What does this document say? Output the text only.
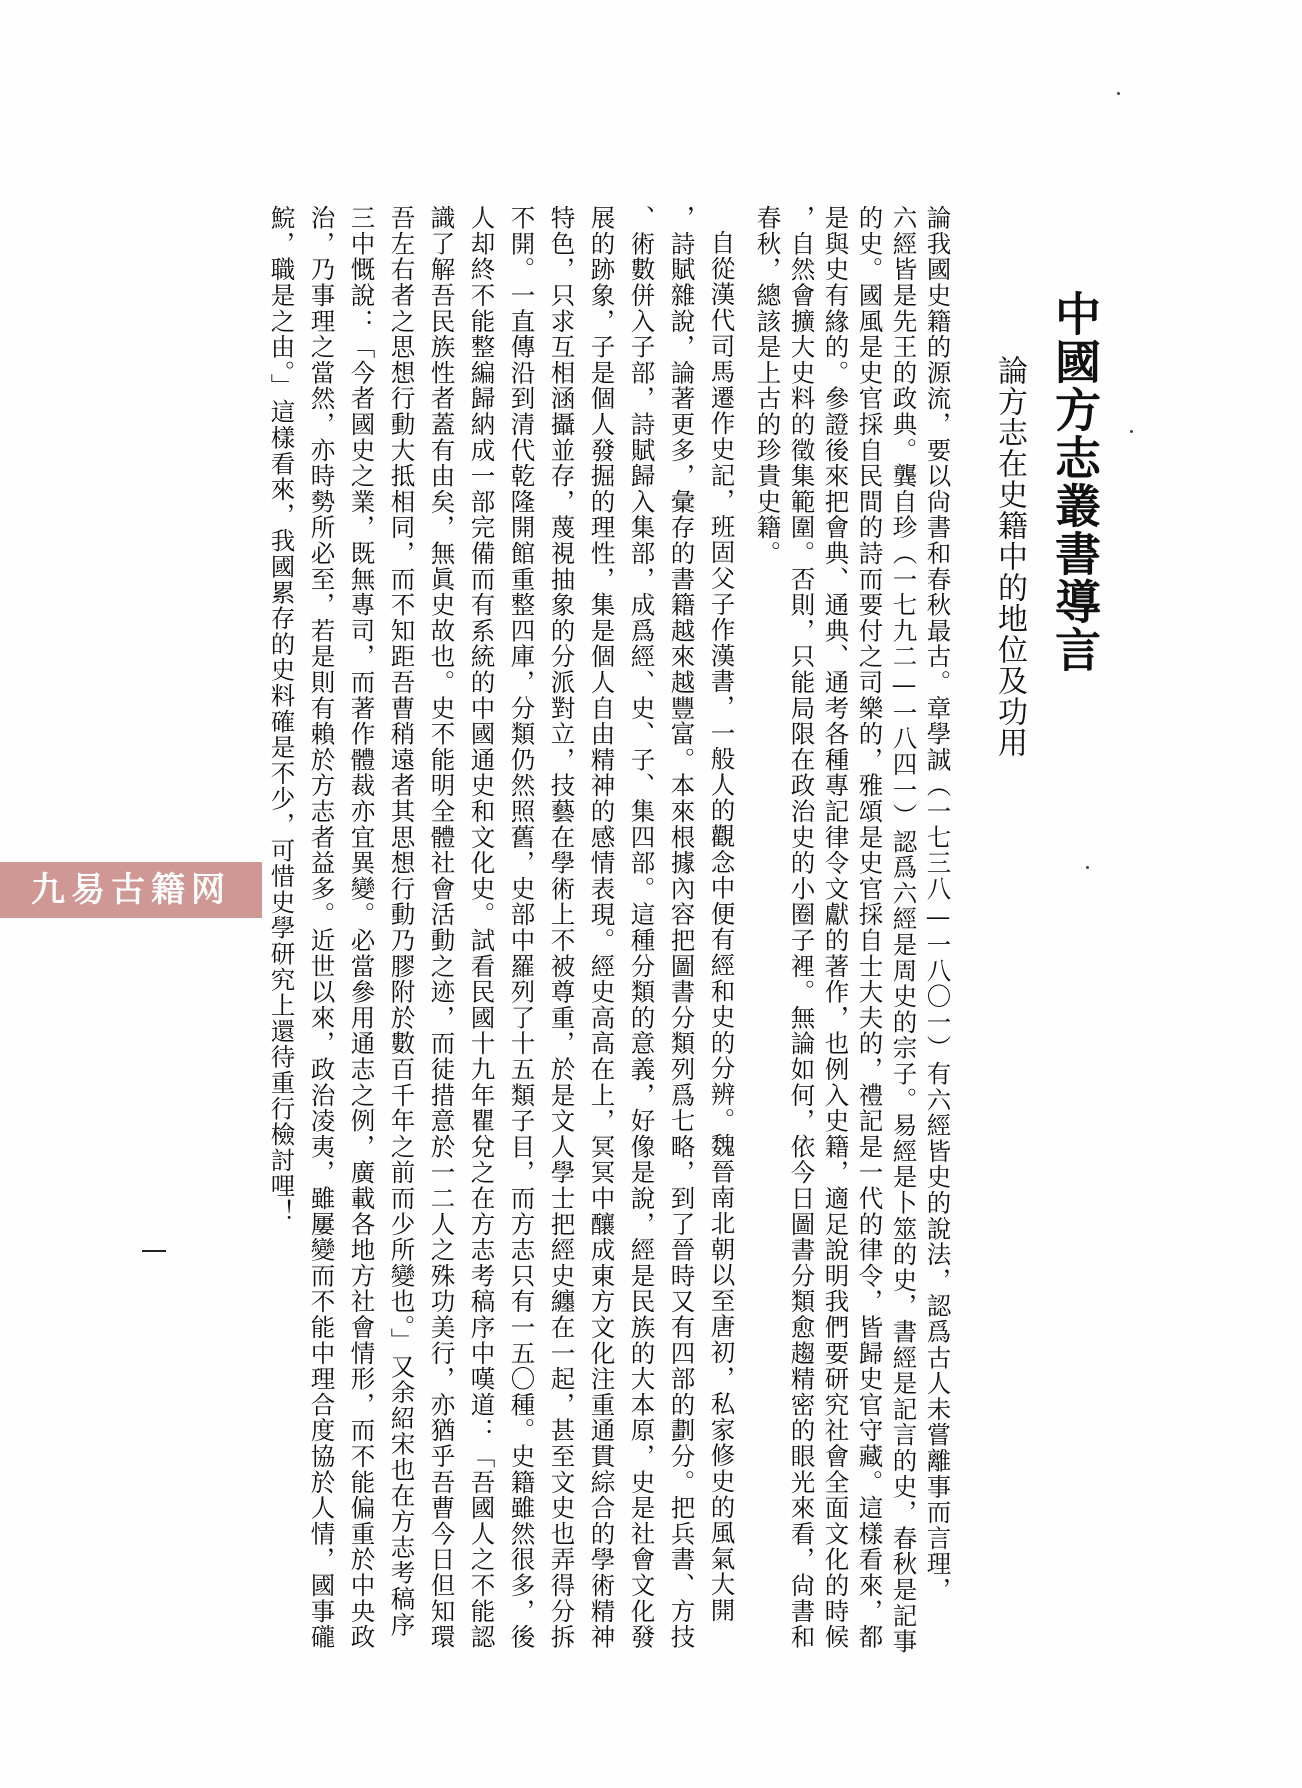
中國方志叢書導言
論方志在史籍中的地位及功用
論我國史籍的源流，要以尙書和春秋最古。章學誠（一七三八—一八〇一）有六經皆史的說法，認爲古人未嘗離事而言理，
六經皆是先王的政典。龔自珍（一七九二—一八四一）認爲六經是周史的宗子。易經是卜筮的史，書經是記言的史，春秋是記事
的史。國風是史官採自民間的詩而要付之司樂的，雅頌是史官採自士大夫的，禮記是一代的律令，皆歸史官守藏。這樣看來，都
是與史有緣的。參證後來把會典、通典、通考各種專記律令文獻的著作，也例入史籍，適足說明我們要研究社會全面文化的時候
，自然會擴大史料的徵集範圍。否則，只能局限在政治史的小圈子裡。無論如何，依今日圖書分類愈趨精密的眼光來看，尙書和
春秋，總該是上古的珍貴史籍。
自從漢代司馬遷作史記，班固父子作漢書，一般人的觀念中便有經和史的分辨。魏晉南北朝以至唐初，私家修史的風氣大開
，詩賦雜說，論著更多，彙存的書籍越來越豐富。本來根據內容把圖書分類列爲七略，到了晉時又有四部的劃分。把兵書、方技
、術數併入子部，詩賦歸入集部，成爲經、史、子、集四部。這種分類的意義，好像是說，經是民族的大本原，史是社會文化發
展的跡象，子是個人發掘的理性，集是個人自由精神的感情表現。經史高高在上，冥冥中釀成東方文化注重通貫綜合的學術精神
特色，只求互相涵攝並存，蔑視抽象的分派對立，技藝在學術上不被尊重，於是文人學士把經史纏在一起，甚至文史也弄得分拆
不開。一直傳沿到清代乾隆開館重整四庫，分類仍然照舊，史部中羅列了十五類子目，而方志只有一五〇種。史籍雖然很多，後
人却終不能整編歸納成一部完備而有系統的中國通史和文化史。試看民國十九年瞿兌之在方志考稿序中嘆道：「吾國人之不能認
識了解吾民族性者蓋有由矣，無眞史故也。史不能明全體社會活動之迹，而徒措意於一二人之殊功美行，亦猶乎吾曹今日但知環
吾左右者之思想行動大抵相同，而不知距吾曹稍遠者其思想行動乃膠附於數百千年之前而少所變也。」又余紹宋也在方志考稿序
三中慨說：「今者國史之業，既無專司，而著作體裁亦宜異變。必當參用通志之例，廣載各地方社會情形，而不能偏重於中央政
治，乃事理之當然，亦時勢所必至，若是則有賴於方志者益多。近世以來，政治凌夷，雖屢變而不能中理合度協於人情，國事礲
鯇，職是之由。」這樣看來，我國累存的史料確是不少，可惜史學研究上還待重行檢討哩！
九易古籍网
